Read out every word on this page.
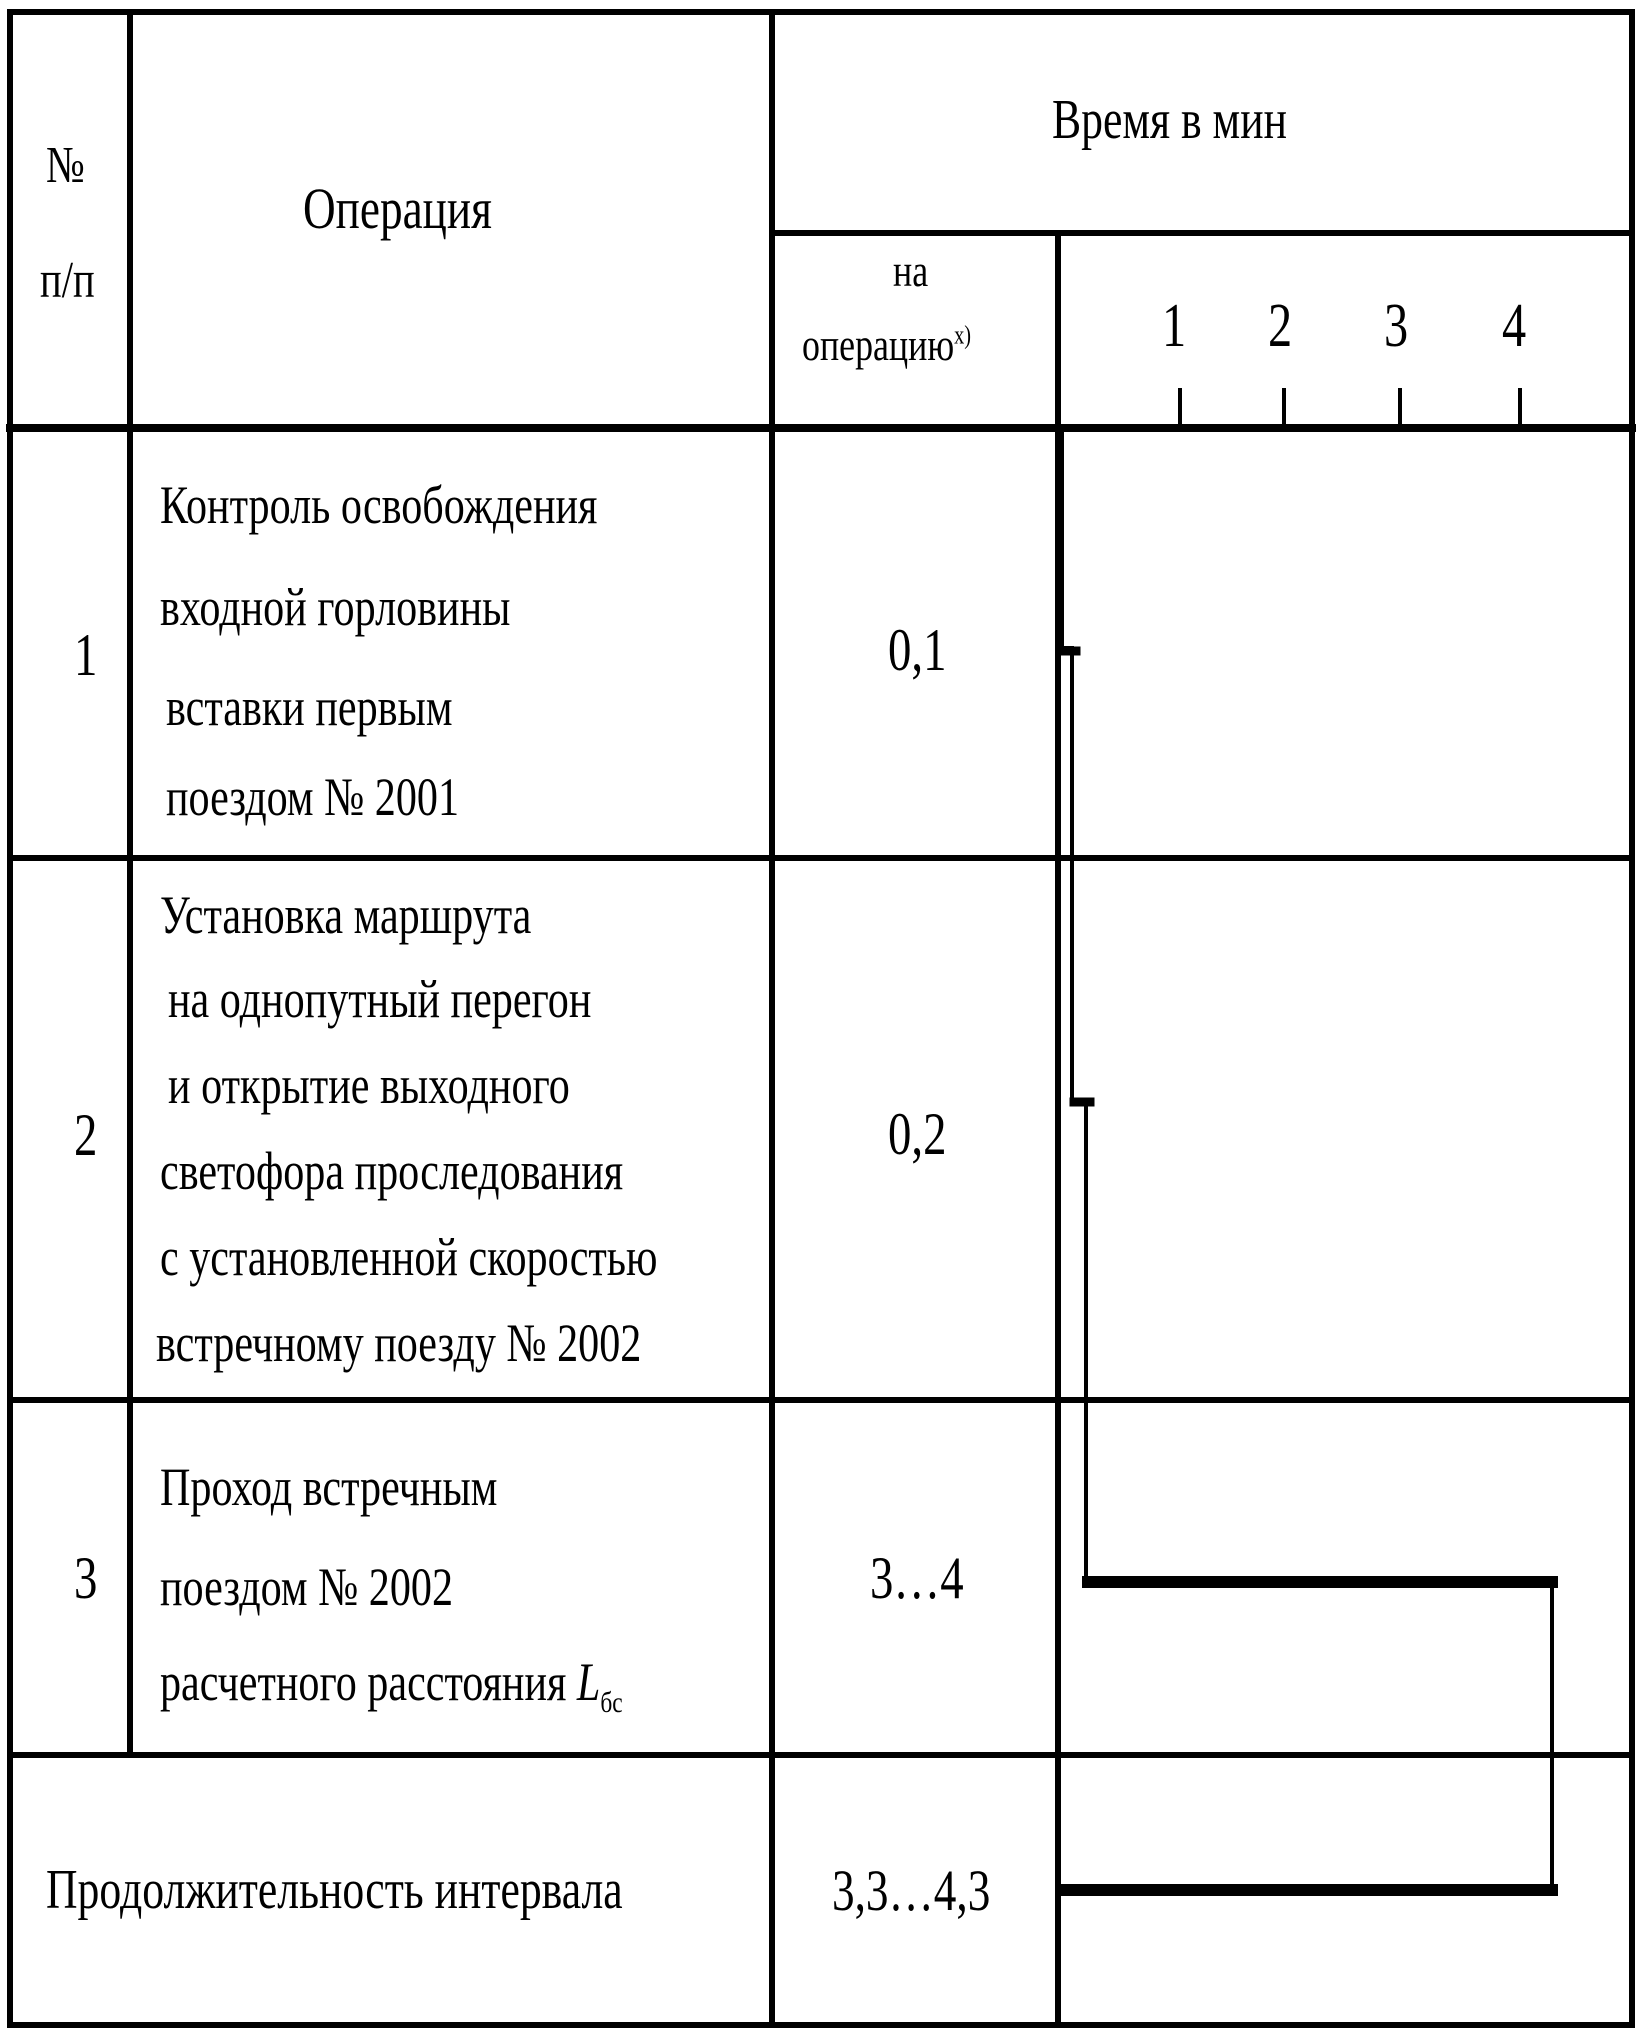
№
п/п
Операция
Время в мин
на
операцию$^{x)}$	1 2 3 4
1
Контроль освобождения
входной горловины
вставки первым
поездом № 2001
0,1
2
Установка маршрута
на однопутный перегон
и открытие выходного
светофора проследования
с установленной скоростью
встречному поезду № 2002
0,2
3
Проход встречным
поездом № 2002
расчетного расстояния $L_{бс}$
3…4
Продолжительность интервала	3,3…4,3
